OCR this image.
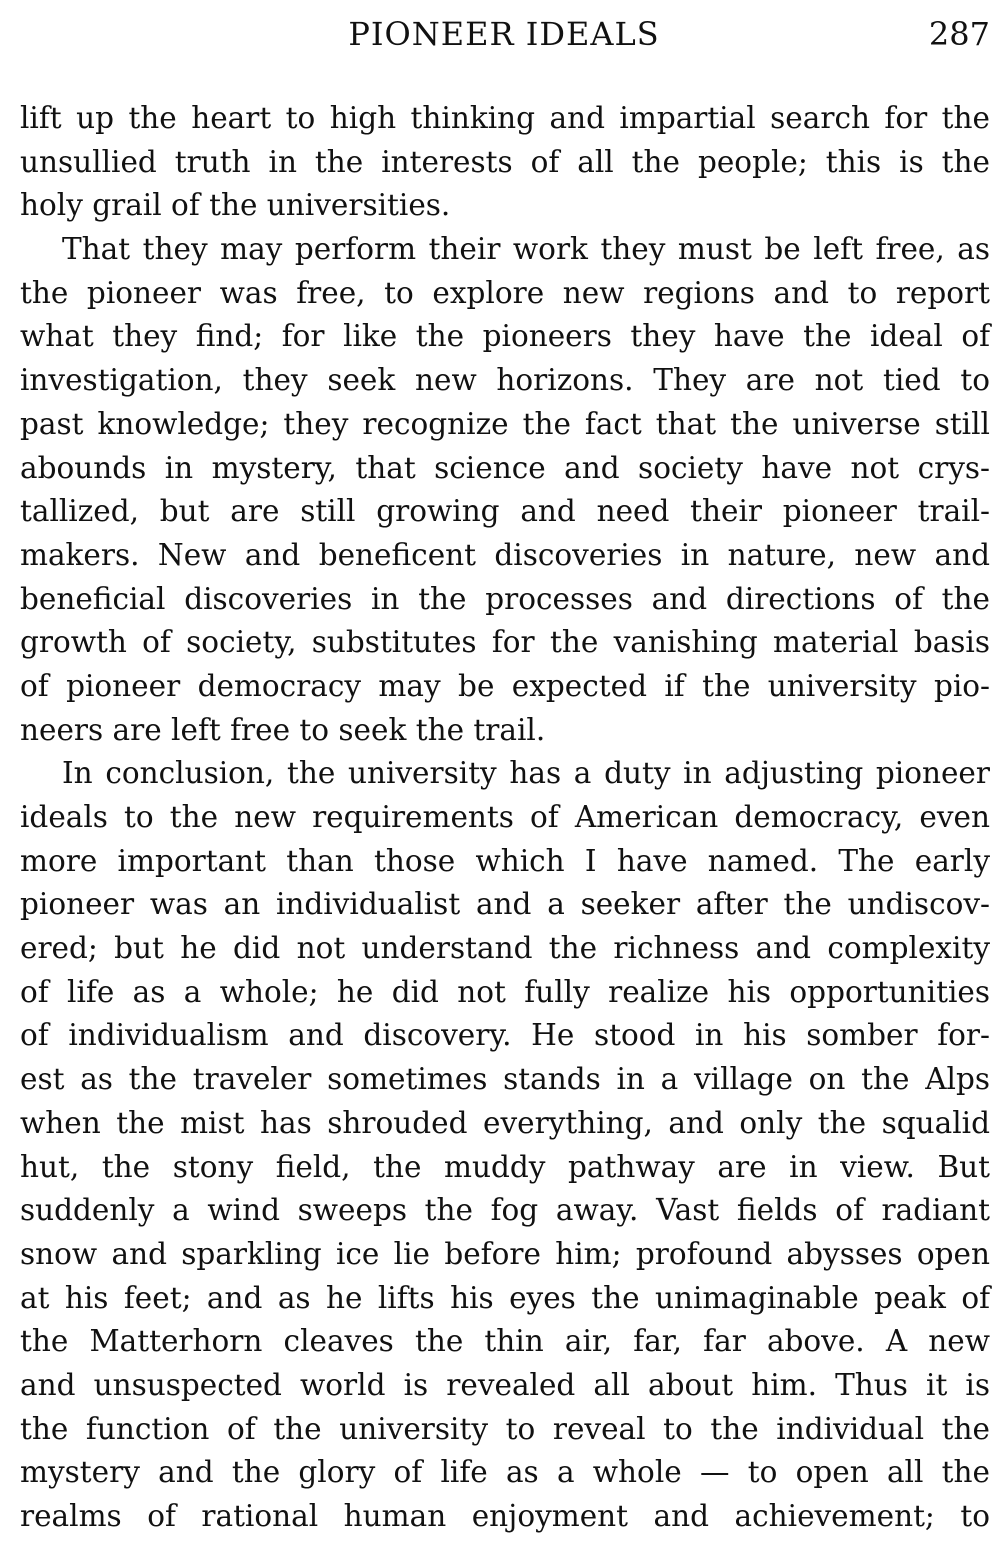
PIONEER IDEALS	287
lift up the heart to high thinking and impartial search for the
unsullied truth in the interests of all the people; this is the
holy grail of the universities.
That they may perform their work they must be left free, as
the pioneer was free, to explore new regions and to report
what they find; for like the pioneers they have the ideal of
investigation, they seek new horizons. They are not tied to
past knowledge; they recognize the fact that the universe still
abounds in mystery, that science and society have not crys-
tallized, but are still growing and need their pioneer trail-
makers. New and beneficent discoveries in nature, new and
beneficial discoveries in the processes and directions of the
growth of society, substitutes for the vanishing material basis
of pioneer democracy may be expected if the university pio-
neers are left free to seek the trail.
In conclusion, the university has a duty in adjusting pioneer
ideals to the new requirements of American democracy, even
more important than those which I have named. The early
pioneer was an individualist and a seeker after the undiscov-
ered; but he did not understand the richness and complexity
of life as a whole; he did not fully realize his opportunities
of individualism and discovery. He stood in his somber for-
est as the traveler sometimes stands in a village on the Alps
when the mist has shrouded everything, and only the squalid
hut, the stony field, the muddy pathway are in view. But
suddenly a wind sweeps the fog away. Vast fields of radiant
snow and sparkling ice lie before him; profound abysses open
at his feet; and as he lifts his eyes the unimaginable peak of
the Matterhorn cleaves the thin air, far, far above. A new
and unsuspected world is revealed all about him. Thus it is
the function of the university to reveal to the individual the
mystery and the glory of life as a whole — to open all the
realms of rational human enjoyment and achievement; to
